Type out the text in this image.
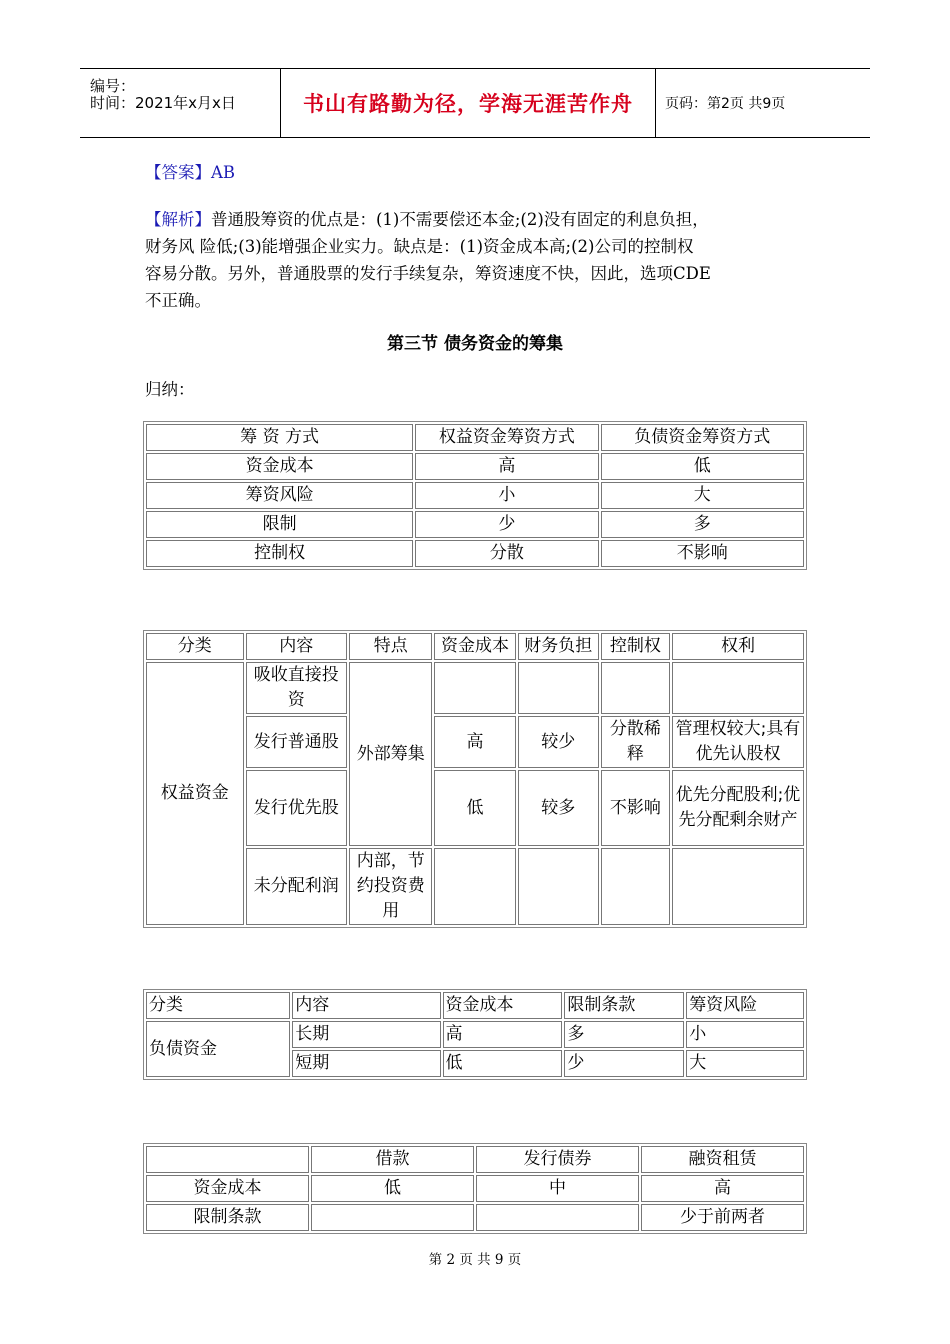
编号：
时间：2021年x月x日	书山有路勤为径，学海无涯苦作舟 页码：第2页 共9页
【答案】AB
【解析】普通股筹资的优点是：(1)不需要偿还本金;(2)没有固定的利息负担，
财务风 险低;(3)能增强企业实力。缺点是：(1)资金成本高;(2)公司的控制权
容易分散。另外，普通股票的发行手续复杂，筹资速度不快，因此，选项CDE
不正确。
第三节 债务资金的筹集
归纳：
筹 资 方式	权益资金筹资方式	负债资金筹资方式
资金成本	高	低
筹资风险	小	大
限制	少	多
控制权	分散	不影响
分类	内容	特点	资金成本	财务负担	控制权	权利
权益资金	吸收直接投资	外部筹集				
	发行普通股		高	较少	分散稀释	管理权较大;具有优先认股权
	发行优先股		低	较多	不影响	优先分配股利;优先分配剩余财产
	未分配利润	内部，节约投资费用				
分类	内容	资金成本	限制条款	筹资风险
负债资金	长期	高	多	小
	短期	低	少	大
	借款	发行债券	融资租赁
资金成本	低	中	高
限制条款			少于前两者
第 2 页 共 9 页
